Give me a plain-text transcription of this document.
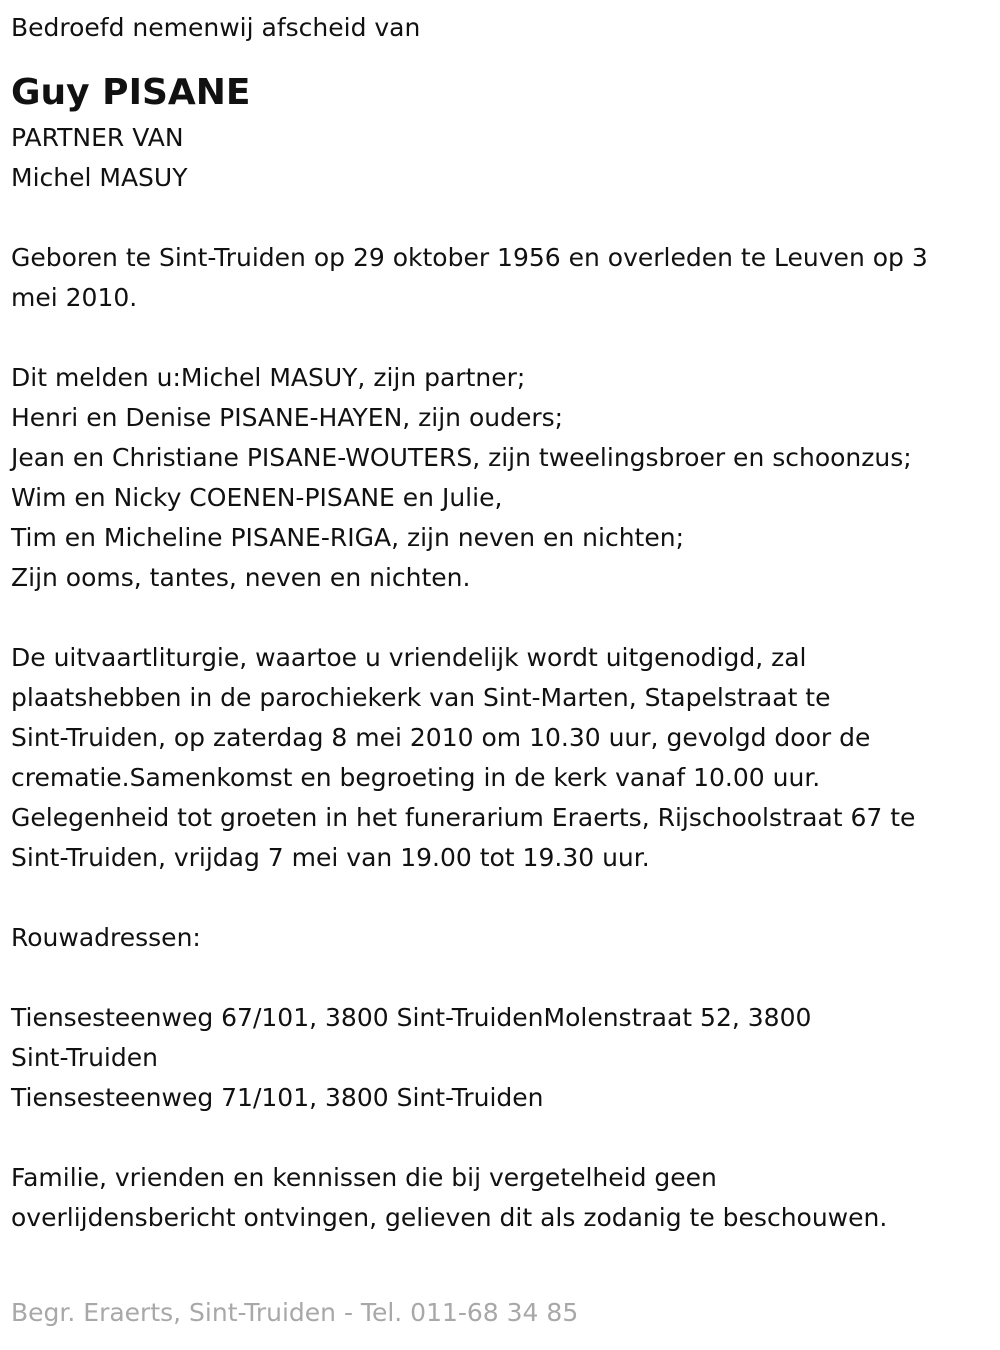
Bedroefd nemenwij afscheid van
Guy PISANE
PARTNER VAN
Michel MASUY
Geboren te Sint-Truiden op 29 oktober 1956 en overleden te Leuven op 3
mei 2010.
Dit melden u:Michel MASUY, zijn partner;
Henri en Denise PISANE-HAYEN, zijn ouders;
Jean en Christiane PISANE-WOUTERS, zijn tweelingsbroer en schoonzus;
Wim en Nicky COENEN-PISANE en Julie,
Tim en Micheline PISANE-RIGA, zijn neven en nichten;
Zijn ooms, tantes, neven en nichten.
De uitvaartliturgie, waartoe u vriendelijk wordt uitgenodigd, zal
plaatshebben in de parochiekerk van Sint-Marten, Stapelstraat te
Sint-Truiden, op zaterdag 8 mei 2010 om 10.30 uur, gevolgd door de
crematie.Samenkomst en begroeting in de kerk vanaf 10.00 uur.
Gelegenheid tot groeten in het funerarium Eraerts, Rijschoolstraat 67 te
Sint-Truiden, vrijdag 7 mei van 19.00 tot 19.30 uur.
Rouwadressen:
Tiensesteenweg 67/101, 3800 Sint-TruidenMolenstraat 52, 3800
Sint-Truiden
Tiensesteenweg 71/101, 3800 Sint-Truiden
Familie, vrienden en kennissen die bij vergetelheid geen
overlijdensbericht ontvingen, gelieven dit als zodanig te beschouwen.
Begr. Eraerts, Sint-Truiden - Tel. 011-68 34 85
